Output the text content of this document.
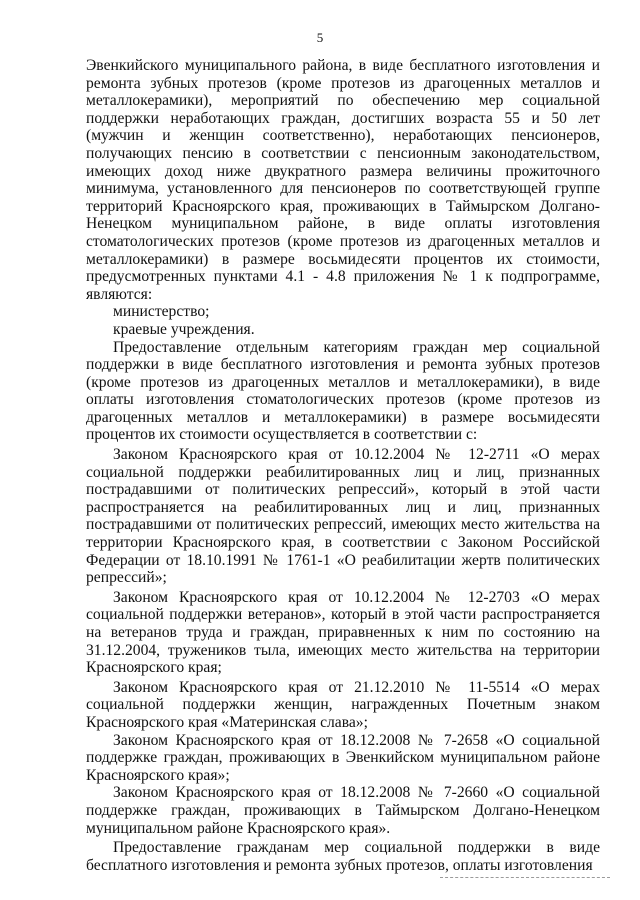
5

Эвенкийского муниципального района, в виде бесплатного изготовления и ремонта зубных протезов (кроме протезов из драгоценных металлов и металлокерамики), мероприятий по обеспечению мер социальной поддержки неработающих граждан, достигших возраста 55 и 50 лет (мужчин и женщин соответственно), неработающих пенсионеров, получающих пенсию в соответствии с пенсионным законодательством, имеющих доход ниже двукратного размера величины прожиточного минимума, установленного для пенсионеров по соответствующей группе территорий Красноярского края, проживающих в Таймырском Долгано-Ненецком муниципальном районе, в виде оплаты изготовления стоматологических протезов (кроме протезов из драгоценных металлов и металлокерамики) в размере восьмидесяти процентов их стоимости, предусмотренных пунктами 4.1 - 4.8 приложения № 1 к подпрограмме, являются:

министерство;

краевые учреждения.

Предоставление отдельным категориям граждан мер социальной поддержки в виде бесплатного изготовления и ремонта зубных протезов (кроме протезов из драгоценных металлов и металлокерамики), в виде оплаты изготовления стоматологических протезов (кроме протезов из драгоценных металлов и металлокерамики) в размере восьмидесяти процентов их стоимости осуществляется в соответствии с:

Законом Красноярского края от 10.12.2004 № 12-2711 «О мерах социальной поддержки реабилитированных лиц и лиц, признанных пострадавшими от политических репрессий», который в этой части распространяется на реабилитированных лиц и лиц, признанных пострадавшими от политических репрессий, имеющих место жительства на территории Красноярского края, в соответствии с Законом Российской Федерации от 18.10.1991 № 1761-1 «О реабилитации жертв политических репрессий»;

Законом Красноярского края от 10.12.2004 № 12-2703 «О мерах социальной поддержки ветеранов», который в этой части распространяется на ветеранов труда и граждан, приравненных к ним по состоянию на 31.12.2004, тружеников тыла, имеющих место жительства на территории Красноярского края;

Законом Красноярского края от 21.12.2010 № 11-5514 «О мерах социальной поддержки женщин, награжденных Почетным знаком Красноярского края «Материнская слава»;

Законом Красноярского края от 18.12.2008 № 7-2658 «О социальной поддержке граждан, проживающих в Эвенкийском муниципальном районе Красноярского края»;

Законом Красноярского края от 18.12.2008 № 7-2660 «О социальной поддержке граждан, проживающих в Таймырском Долгано-Ненецком муниципальном районе Красноярского края».

Предоставление гражданам мер социальной поддержки в виде бесплатного изготовления и ремонта зубных протезов, оплаты изготовления
